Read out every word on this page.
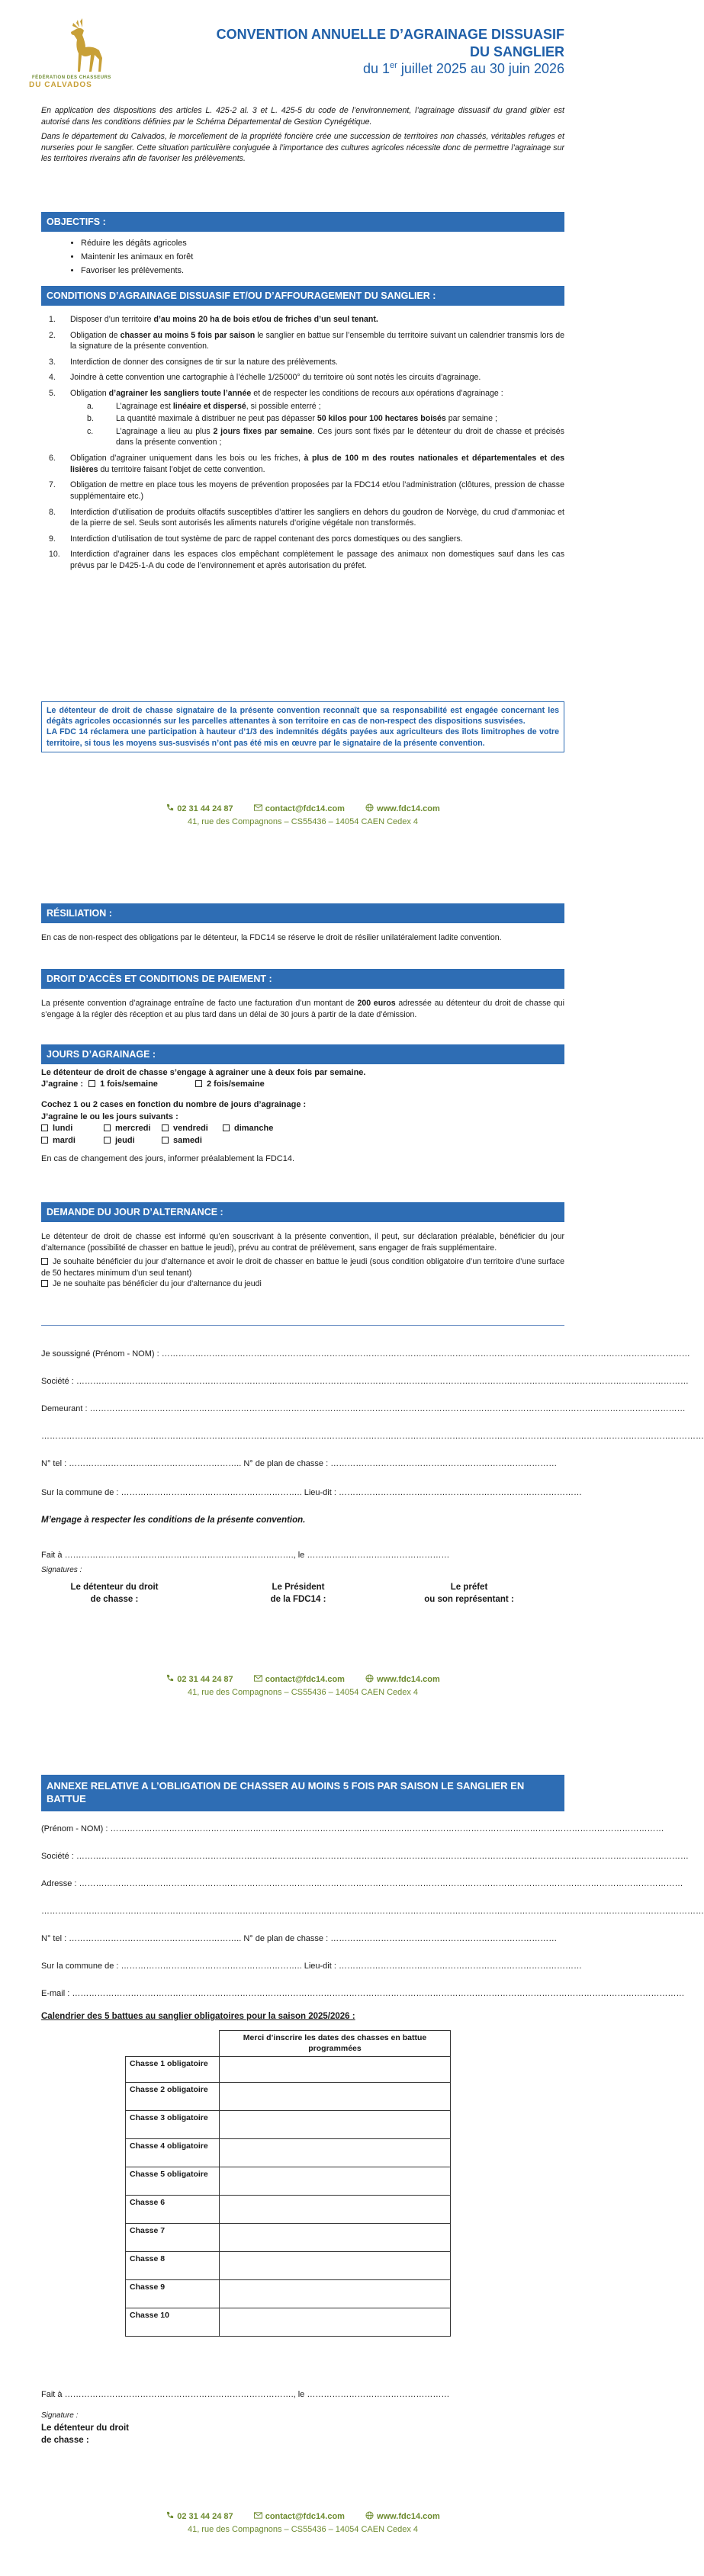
FÉDÉRATION DES CHASSEURS
DU CALVADOS
CONVENTION ANNUELLE D’AGRAINAGE DISSUASIF
DU SANGLIER
du 1er juillet 2025 au 30 juin 2026

En application des dispositions des articles L. 425-2 al. 3 et L. 425-5 du code de l’environnement, l’agrainage dissuasif du grand gibier est autorisé dans les conditions définies par le Schéma Départemental de Gestion Cynégétique.

Dans le département du Calvados, le morcellement de la propriété foncière crée une succession de territoires non chassés, véritables refuges et nurseries pour le sanglier. Cette situation particulière conjuguée à l’importance des cultures agricoles nécessite donc de permettre l’agrainage sur les territoires riverains afin de favoriser les prélèvements.

OBJECTIFS :
• Réduire les dégâts agricoles
• Maintenir les animaux en forêt
• Favoriser les prélèvements.
CONDITIONS D’AGRAINAGE DISSUASIF ET/OU D’AFFOURAGEMENT DU SANGLIER :
1.	Disposer d’un territoire d’au moins 20 ha de bois et/ou de friches d’un seul tenant.
2.	Obligation de chasser au moins 5 fois par saison le sanglier en battue sur l’ensemble du territoire suivant un calendrier transmis lors de la signature de la présente convention.
3.	Interdiction de donner des consignes de tir sur la nature des prélèvements.
4.	Joindre à cette convention une cartographie à l’échelle 1/25000° du territoire où sont notés les circuits d’agrainage.
5.	Obligation d’agrainer les sangliers toute l’année et de respecter les conditions de recours aux opérations d’agrainage :
a.	L’agrainage est linéaire et dispersé, si possible enterré ;
b.	La quantité maximale à distribuer ne peut pas dépasser 50 kilos pour 100 hectares boisés par semaine ;
c.	L’agrainage a lieu au plus 2 jours fixes par semaine. Ces jours sont fixés par le détenteur du droit de chasse et précisés dans la présente convention ;
6.	Obligation d’agrainer uniquement dans les bois ou les friches, à plus de 100 m des routes nationales et départementales et des lisières du territoire faisant l’objet de cette convention.
7.	Obligation de mettre en place tous les moyens de prévention proposées par la FDC14 et/ou l’administration (clôtures, pression de chasse supplémentaire etc.)
8.	Interdiction d’utilisation de produits olfactifs susceptibles d’attirer les sangliers en dehors du goudron de Norvège, du crud d’ammoniac et de la pierre de sel. Seuls sont autorisés les aliments naturels d’origine végétale non transformés.
9.	Interdiction d’utilisation de tout système de parc de rappel contenant des porcs domestiques ou des sangliers.
10.	Interdiction d’agrainer dans les espaces clos empêchant complètement le passage des animaux non domestiques sauf dans les cas prévus par le D425-1-A du code de l’environnement et après autorisation du préfet.

Le détenteur de droit de chasse signataire de la présente convention reconnaît que sa responsabilité est engagée concernant les dégâts agricoles occasionnés sur les parcelles attenantes à son territoire en cas de non-respect des dispositions susvisées.

LA FDC 14 réclamera une participation à hauteur d’1/3 des indemnités dégâts payées aux agriculteurs des îlots limitrophes de votre territoire, si tous les moyens sus-susvisés n’ont pas été mis en œuvre par le signataire de la présente convention.

02 31 44 24 87	contact@fdc14.com	www.fdc14.com
41, rue des Compagnons – CS55436 – 14054 CAEN Cedex 4
RÉSILIATION :

En cas de non-respect des obligations par le détenteur, la FDC14 se réserve le droit de résilier unilatéralement ladite convention.

DROIT D’ACCÈS ET CONDITIONS DE PAIEMENT :

La présente convention d’agrainage entraîne de facto une facturation d’un montant de 200 euros adressée au détenteur du droit de chasse qui s’engage à la régler dès réception et au plus tard dans un délai de 30 jours à partir de la date d’émission.

JOURS D’AGRAINAGE :
Le détenteur de droit de chasse s’engage à agrainer une à deux fois par semaine.
J’agraine : 1 fois/semaine	2 fois/semaine
Cochez 1 ou 2 cases en fonction du nombre de jours d’agrainage :
J’agraine le ou les jours suivants :
lundi	mercredi	vendredi	dimanche
mardi	jeudi	samedi
En cas de changement des jours, informer préalablement la FDC14.
DEMANDE DU JOUR D’ALTERNANCE :

Le détenteur de droit de chasse est informé qu’en souscrivant à la présente convention, il peut, sur déclaration préalable, bénéficier du jour d’alternance (possibilité de chasser en battue le jeudi), prévu au contrat de prélèvement, sans engager de frais supplémentaire.

Je souhaite bénéficier du jour d’alternance et avoir le droit de chasser en battue le jeudi (sous condition obligatoire d’un territoire d’une surface de 50 hectares minimum d’un seul tenant)

Je ne souhaite pas bénéficier du jour d’alternance du jeudi

Je soussigné (Prénom - NOM) : ………………………………………………………………………………………………………………………………………………………………………
Société : …………………………………………………………………………………………………………………………………………………………………………………………………
Demeurant : ……………………………………………………………………………………………………………………………………………………………………………………………
…………………………………………………………………………………………………………………………………………………………………………………………………………………
N° tel : …………………………………………………….. N° de plan de chasse : ………………………………………………………………………
Sur la commune de : ……………………………………………………….. Lieu-dit : ……………………………………………………………………………
M’engage à respecter les conditions de la présente convention.
Fait à ………………………………………………………………………., le ……………………………………………
Signatures :
Le détenteur du droit
de chasse :
Le Président
de la FDC14 :
Le préfet
ou son représentant :
02 31 44 24 87	contact@fdc14.com	www.fdc14.com
41, rue des Compagnons – CS55436 – 14054 CAEN Cedex 4
ANNEXE RELATIVE A L’OBLIGATION DE CHASSER AU MOINS 5 FOIS PAR SAISON LE SANGLIER EN BATTUE
(Prénom - NOM) : ………………………………………………………………………………………………………………………………………………………………………………
Société : …………………………………………………………………………………………………………………………………………………………………………………………………
Adresse : ………………………………………………………………………………………………………………………………………………………………………………………………
…………………………………………………………………………………………………………………………………………………………………………………………………………………
N° tel : …………………………………………………….. N° de plan de chasse : ………………………………………………………………………
Sur la commune de : ……………………………………………………….. Lieu-dit : ……………………………………………………………………………
E-mail : …………………………………………………………………………………………………………………………………………………………………………………………………
Calendrier des 5 battues au sanglier obligatoires pour la saison 2025/2026 :
	Merci d’inscrire les dates des chasses en battue programmées
Chasse 1 obligatoire	
Chasse 2 obligatoire	
Chasse 3 obligatoire	
Chasse 4 obligatoire	
Chasse 5 obligatoire	
Chasse 6	
Chasse 7	
Chasse 8	
Chasse 9	
Chasse 10	
Fait à ………………………………………………………………………., le ……………………………………………
Signature :
Le détenteur du droit
de chasse :
02 31 44 24 87	contact@fdc14.com	www.fdc14.com
41, rue des Compagnons – CS55436 – 14054 CAEN Cedex 4
